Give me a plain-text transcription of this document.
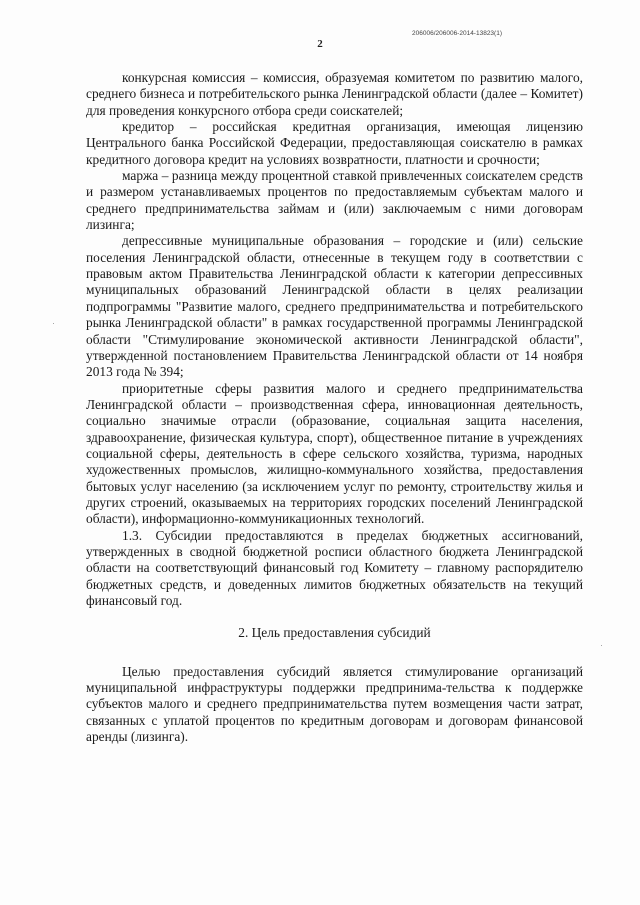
206006/206006-2014-13823(1)
2

конкурсная комиссия – комиссия, образуемая комитетом по развитию малого, среднего бизнеса и потребительского рынка Ленинградской области (далее – Комитет) для проведения конкурсного отбора среди соискателей;

кредитор – российская кредитная организация, имеющая лицензию Центрального банка Российской Федерации, предоставляющая соискателю в рамках кредитного договора кредит на условиях возвратности, платности и срочности;

маржа – разница между процентной ставкой привлеченных соискателем средств и размером устанавливаемых процентов по предоставляемым субъектам малого и среднего предпринимательства займам и (или) заключаемым с ними договорам лизинга;

депрессивные муниципальные образования – городские и (или) сельские поселения Ленинградской области, отнесенные в текущем году в соответствии с правовым актом Правительства Ленинградской области к категории депрессивных муниципальных образований Ленинградской области в целях реализации подпрограммы "Развитие малого, среднего предпринимательства и потребительского рынка Ленинградской области" в рамках государственной программы Ленинградской области "Стимулирование экономической активности Ленинградской области", утвержденной постановлением Правительства Ленинградской области от 14 ноября 2013 года № 394;

приоритетные сферы развития малого и среднего предпринимательства Ленинградской области – производственная сфера, инновационная деятельность, социально значимые отрасли (образование, социальная защита населения, здравоохранение, физическая культура, спорт), общественное питание в учреждениях социальной сферы, деятельность в сфере сельского хозяйства, туризма, народных художественных промыслов, жилищно-коммунального хозяйства, предоставления бытовых услуг населению (за исключением услуг по ремонту, строительству жилья и других строений, оказываемых на территориях городских поселений Ленинградской области), информационно-коммуникационных технологий.

1.3. Субсидии предоставляются в пределах бюджетных ассигнований, утвержденных в сводной бюджетной росписи областного бюджета Ленинградской области на соответствующий финансовый год Комитету – главному распорядителю бюджетных средств, и доведенных лимитов бюджетных обязательств на текущий финансовый год.

2. Цель предоставления субсидий

Целью предоставления субсидий является стимулирование организаций муниципальной инфраструктуры поддержки предпринима-тельства к поддержке субъектов малого и среднего предпринимательства путем возмещения части затрат, связанных с уплатой процентов по кредитным договорам и договорам финансовой аренды (лизинга).

·
·
